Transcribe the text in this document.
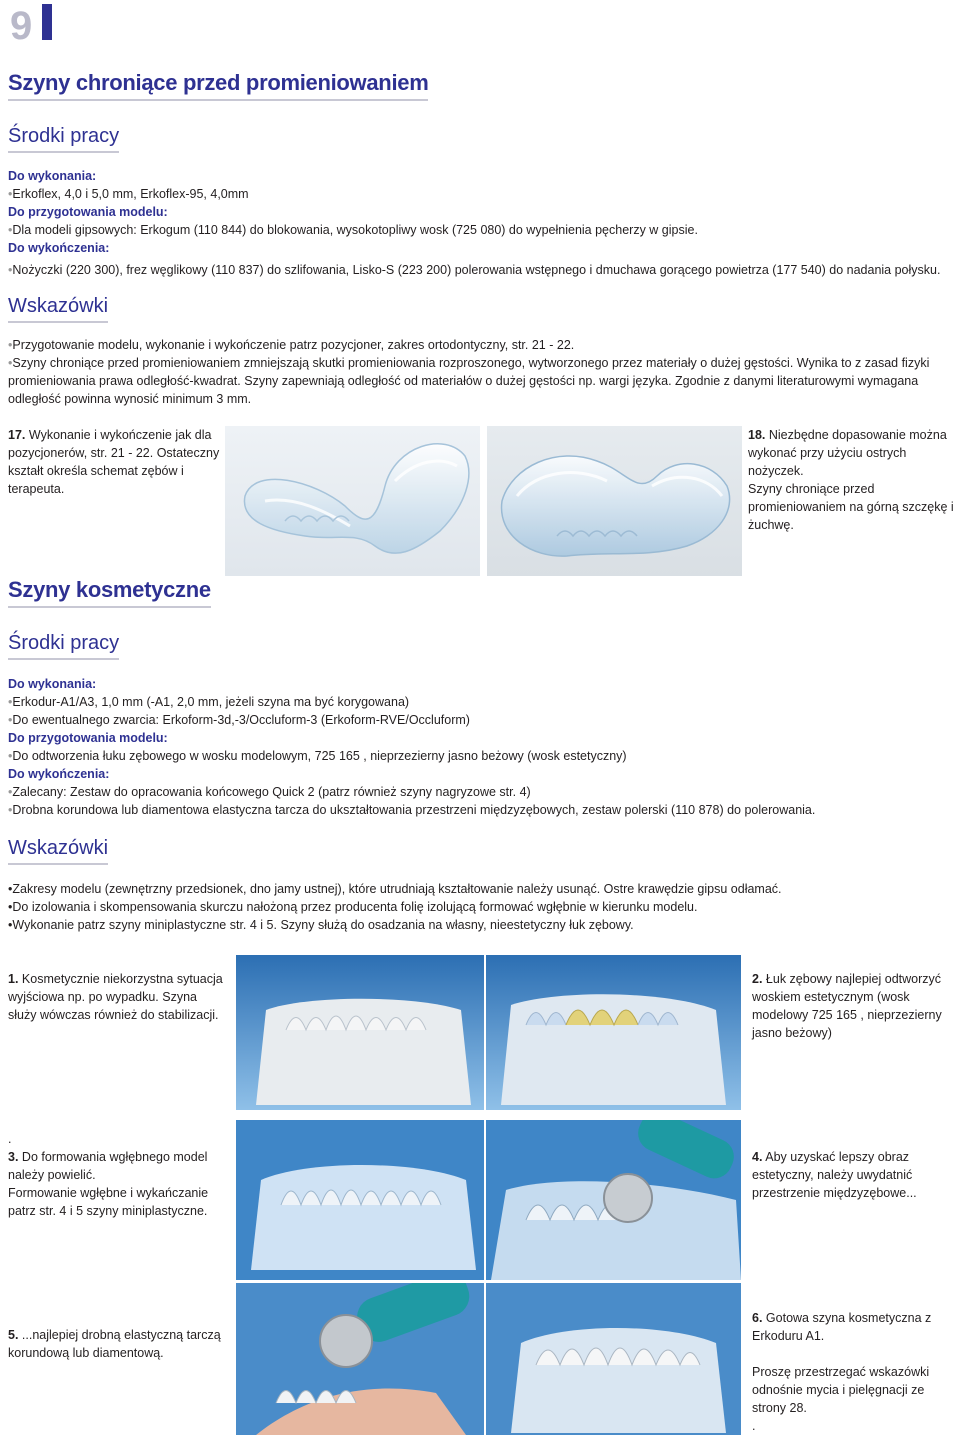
9
Szyny chroniące przed promieniowaniem
Środki pracy
Do wykonania:
•Erkoflex, 4,0 i 5,0 mm, Erkoflex-95, 4,0mm
Do przygotowania modelu:
•Dla modeli gipsowych: Erkogum (110 844) do blokowania, wysokotopliwy wosk (725 080) do wypełnienia pęcherzy w gipsie.
Do wykończenia:
•Nożyczki (220 300), frez węglikowy (110 837) do szlifowania, Lisko-S (223 200) polerowania wstępnego i dmuchawa gorącego powietrza (177 540) do nadania połysku.
Wskazówki
•Przygotowanie modelu, wykonanie i wykończenie patrz pozycjoner, zakres ortodontyczny, str. 21 - 22.
•Szyny chroniące przed promieniowaniem zmniejszają skutki promieniowania rozproszonego, wytworzonego przez materiały o dużej gęstości. Wynika to z zasad fizyki promieniowania prawa odległość-kwadrat. Szyny zapewniają odległość od materiałów o dużej gęstości np. wargi języka. Zgodnie z danymi literaturowymi wymagana odległość powinna wynosić minimum 3 mm.
17. Wykonanie i wykończenie jak dla pozycjonerów, str. 21 - 22. Ostateczny kształt określa schemat zębów i terapeuta.
18. Niezbędne dopasowanie można wykonać przy użyciu ostrych nożyczek.
Szyny chroniące przed promieniowaniem na górną szczękę i żuchwę.
Szyny kosmetyczne
Środki pracy
Do wykonania:
•Erkodur-A1/A3, 1,0 mm (-A1, 2,0 mm, jeżeli szyna ma być korygowana)
•Do ewentualnego zwarcia: Erkoform-3d,-3/Occluform-3 (Erkoform-RVE/Occluform)
Do przygotowania modelu:
•Do odtworzenia łuku zębowego w wosku modelowym, 725 165 , nieprzezierny jasno beżowy (wosk estetyczny)
Do wykończenia:
•Zalecany: Zestaw do opracowania końcowego Quick 2 (patrz również szyny nagryzowe str. 4)
•Drobna korundowa lub diamentowa elastyczna tarcza do ukształtowania przestrzeni międzyzębowych, zestaw polerski (110 878) do polerowania.
Wskazówki
•Zakresy modelu (zewnętrzny przedsionek, dno jamy ustnej), które utrudniają kształtowanie należy usunąć. Ostre krawędzie gipsu odłamać.
•Do izolowania i skompensowania skurczu nałożoną przez producenta folię izolującą formować wgłębnie w kierunku modelu.
•Wykonanie patrz szyny miniplastyczne str. 4 i 5. Szyny służą do osadzania na własny, nieestetyczny łuk zębowy.
1. Kosmetycznie niekorzystna sytuacja wyjściowa np. po wypadku. Szyna służy wówczas również do stabilizacji.
2. Łuk zębowy najlepiej odtworzyć woskiem estetycznym (wosk modelowy 725 165 , nieprzezierny jasno beżowy)
.
3. Do formowania wgłębnego model należy powielić.
Formowanie wgłębne i wykańczanie patrz str. 4 i 5 szyny miniplastyczne.
4. Aby uzyskać lepszy obraz estetyczny, należy uwydatnić przestrzenie międzyzębowe...
5. ...najlepiej drobną elastyczną tarczą korundową lub diamentową.
6. Gotowa szyna kosmetyczna z Erkoduru A1.

Proszę przestrzegać wskazówki odnośnie mycia i pielęgnacji ze strony 28.
.
